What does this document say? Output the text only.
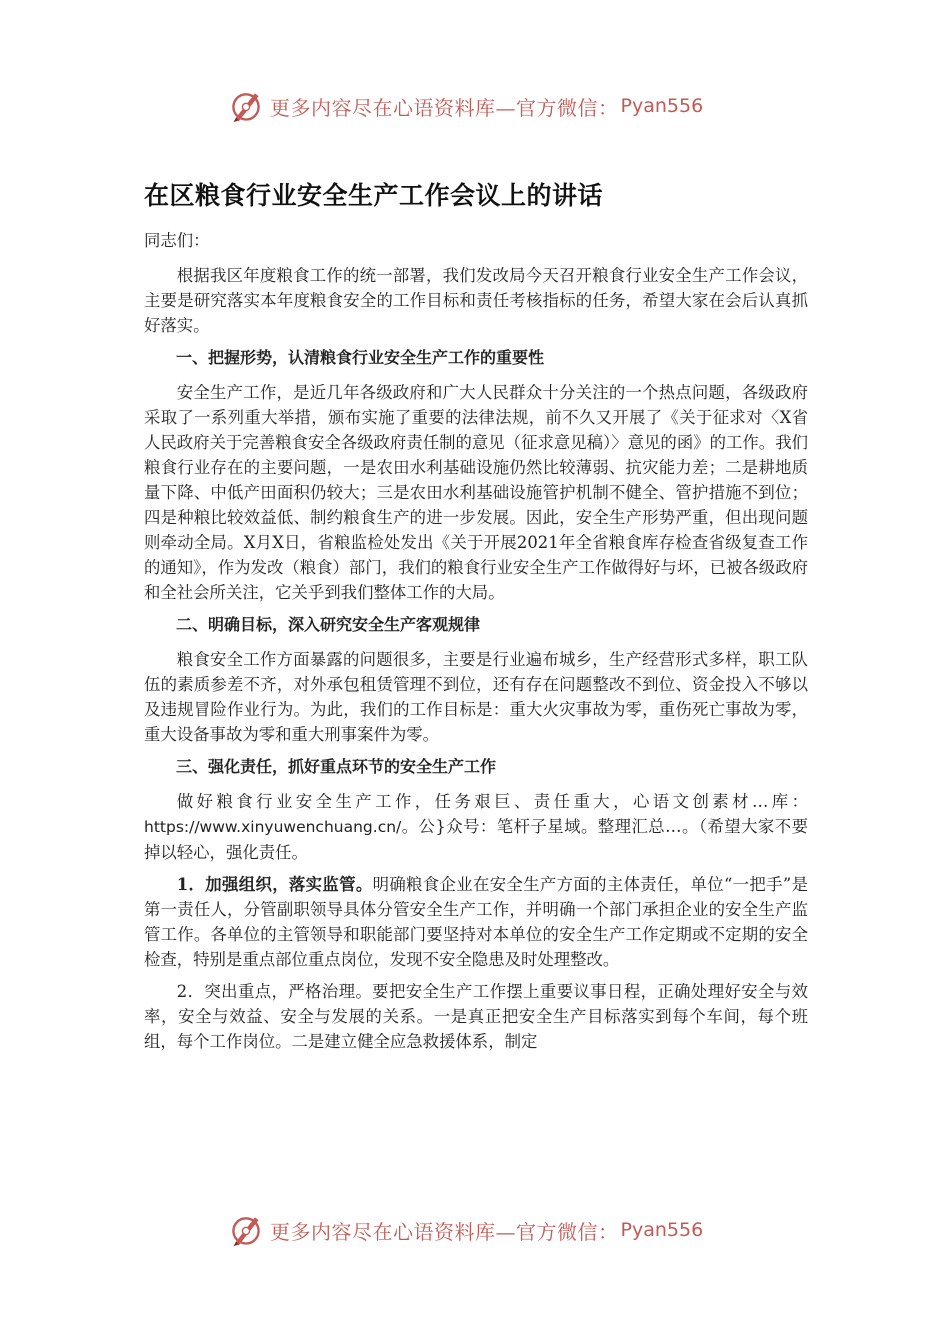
更多内容尽在心语资料库—官方微信： Pyan556
在区粮食行业安全生产工作会议上的讲话

同志们：

根据我区年度粮食工作的统一部署，我们发改局今天召开粮食行业安全生产工作会议，主要是研究落实本年度粮食安全的工作目标和责任考核指标的任务，希望大家在会后认真抓好落实。

一、把握形势，认清粮食行业安全生产工作的重要性

安全生产工作，是近几年各级政府和广大人民群众十分关注的一个热点问题，各级政府采取了一系列重大举措，颁布实施了重要的法律法规，前不久又开展了《关于征求对〈X省人民政府关于完善粮食安全各级政府责任制的意见（征求意见稿）〉意见的函》的工作。我们粮食行业存在的主要问题，一是农田水利基础设施仍然比较薄弱、抗灾能力差；二是耕地质量下降、中低产田面积仍较大；三是农田水利基础设施管护机制不健全、管护措施不到位；四是种粮比较效益低、制约粮食生产的进一步发展。因此，安全生产形势严重，但出现问题则牵动全局。X月X日，省粮监检处发出《关于开展2021年全省粮食库存检查省级复查工作的通知》，作为发改（粮食）部门，我们的粮食行业安全生产工作做得好与坏，已被各级政府和全社会所关注，它关乎到我们整体工作的大局。

二、明确目标，深入研究安全生产客观规律

粮食安全工作方面暴露的问题很多，主要是行业遍布城乡，生产经营形式多样，职工队伍的素质参差不齐，对外承包租赁管理不到位，还有存在问题整改不到位、资金投入不够以及违规冒险作业行为。为此，我们的工作目标是：重大火灾事故为零，重伤死亡事故为零，重大设备事故为零和重大刑事案件为零。

三、强化责任，抓好重点环节的安全生产工作

做好粮食行业安全生产工作，任务艰巨、责任重大，心语文创素材…库：https://www.xinyuwenchuang.cn/。公}众号：笔杆子星域。整理汇总…。（希望大家不要掉以轻心，强化责任。

1．加强组织，落实监管。明确粮食企业在安全生产方面的主体责任，单位“一把手”是第一责任人，分管副职领导具体分管安全生产工作，并明确一个部门承担企业的安全生产监管工作。各单位的主管领导和职能部门要坚持对本单位的安全生产工作定期或不定期的安全检查，特别是重点部位重点岗位，发现不安全隐患及时处理整改。

2．突出重点，严格治理。要把安全生产工作摆上重要议事日程，正确处理好安全与效率，安全与效益、安全与发展的关系。一是真正把安全生产目标落实到每个车间，每个班组，每个工作岗位。二是建立健全应急救援体系，制定

更多内容尽在心语资料库—官方微信： Pyan556
